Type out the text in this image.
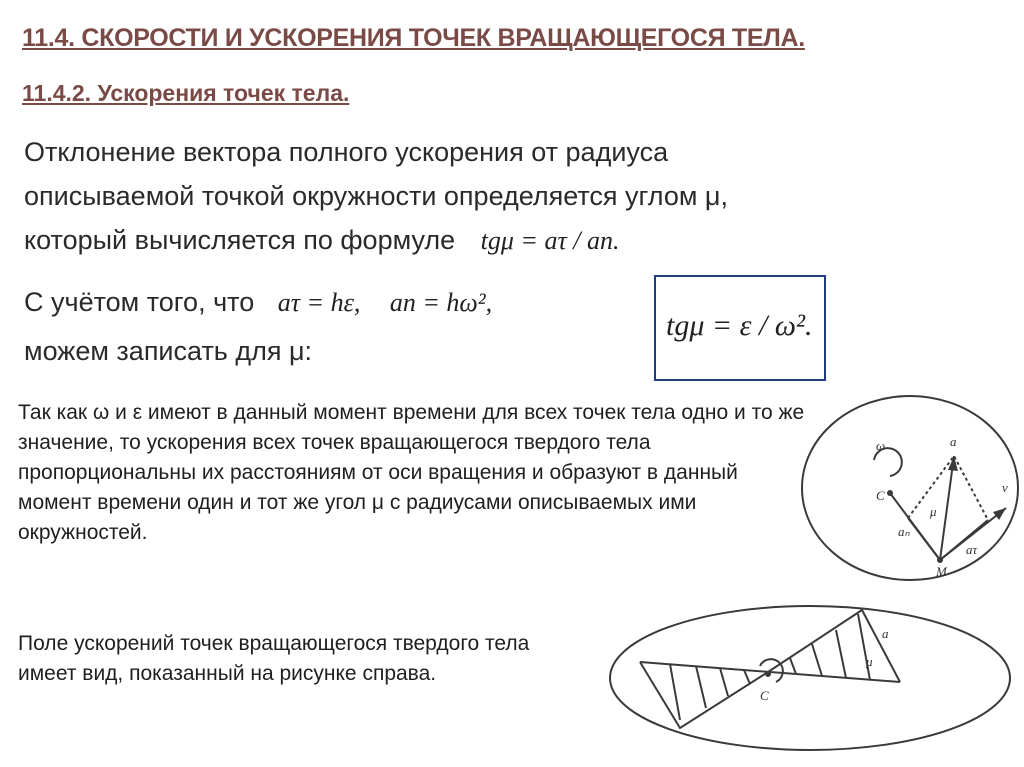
11.4. СКОРОСТИ И УСКОРЕНИЯ ТОЧЕК ВРАЩАЮЩЕГОСЯ ТЕЛА.
11.4.2. Ускорения точек тела.
Отклонение вектора полного ускорения от радиуса
описываемой точкой окружности определяется углом μ,
который вычисляется по формуле tgμ = aτ / an.
С учётом того, что aτ = hε, an = hω²,
можем записать для μ:
tgμ = ε / ω².
Так как ω и ε имеют в данный момент времени для всех точек тела одно и то же значение, то ускорения всех точек вращающегося твердого тела пропорциональны их расстояниям от оси вращения и образуют в данный момент времени один и тот же угол μ с радиусами описываемых ими окружностей.
Поле ускорений точек вращающегося твердого тела имеет вид, показанный на рисунке справа.
ω
C
a
aₙ
μ
aτ
v
M
a
μ
C
